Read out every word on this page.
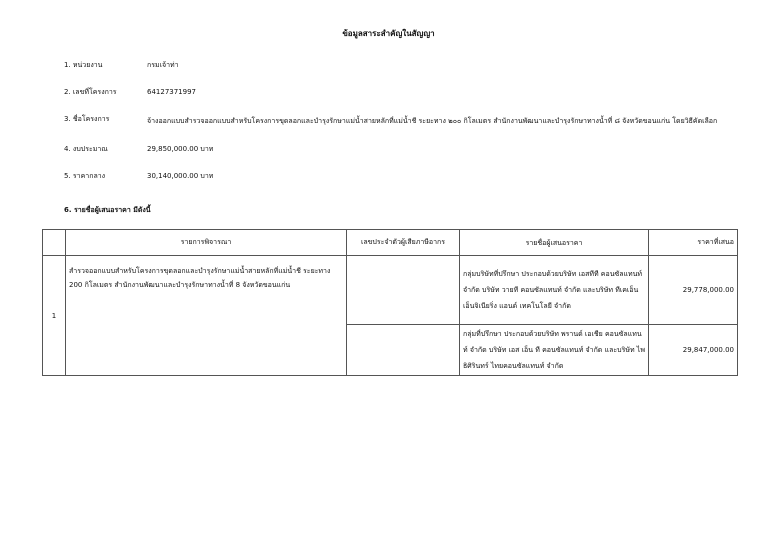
ข้อมูลสาระสำคัญในสัญญา
1. หน่วยงาน	กรมเจ้าท่า
2. เลขที่โครงการ	64127371997
3. ชื่อโครงการ	จ้างออกแบบสำรวจออกแบบสำหรับโครงการขุดลอกและบำรุงรักษาแม่น้ำสายหลักที่แม่น้ำชี ระยะทาง ๒๐๐ กิโลเมตร สำนักงานพัฒนาและบำรุงรักษาทางน้ำที่ ๘ จังหวัดขอนแก่น โดยวิธีคัดเลือก
4. งบประมาณ	29,850,000.00 บาท
5. ราคากลาง	30,140,000.00 บาท
6. รายชื่อผู้เสนอราคา มีดังนี้
	รายการพิจารณา	เลขประจำตัวผู้เสียภาษีอากร	รายชื่อผู้เสนอราคา	ราคาที่เสนอ
1	สำรวจออกแบบสำหรับโครงการขุดลอกและบำรุงรักษาแม่น้ำสายหลักที่แม่น้ำชี ระยะทาง 200 กิโลเมตร สำนักงานพัฒนาและบำรุงรักษาทางน้ำที่ 8 จังหวัดขอนแก่น		กลุ่มบริษัทที่ปรึกษา ประกอบด้วยบริษัท เอสทีที คอนซัลแทนท์ จำกัด บริษัท วายที คอนซัลแทนท์ จำกัด และบริษัท ทีเคเอ็น เอ็นจิเนียริ่ง แอนด์ เทคโนโลยี จำกัด	29,778,000.00
			กลุ่มที่ปรึกษา ประกอบด้วยบริษัท พรานด์ เอเชีย คอนซัลแทนท์ จำกัด บริษัท เอส เอ็น ที คอนซัลแทนท์ จำกัด และบริษัท ไพธิศิรินทร์ ไทยคอนซัลแทนท์ จำกัด	29,847,000.00
